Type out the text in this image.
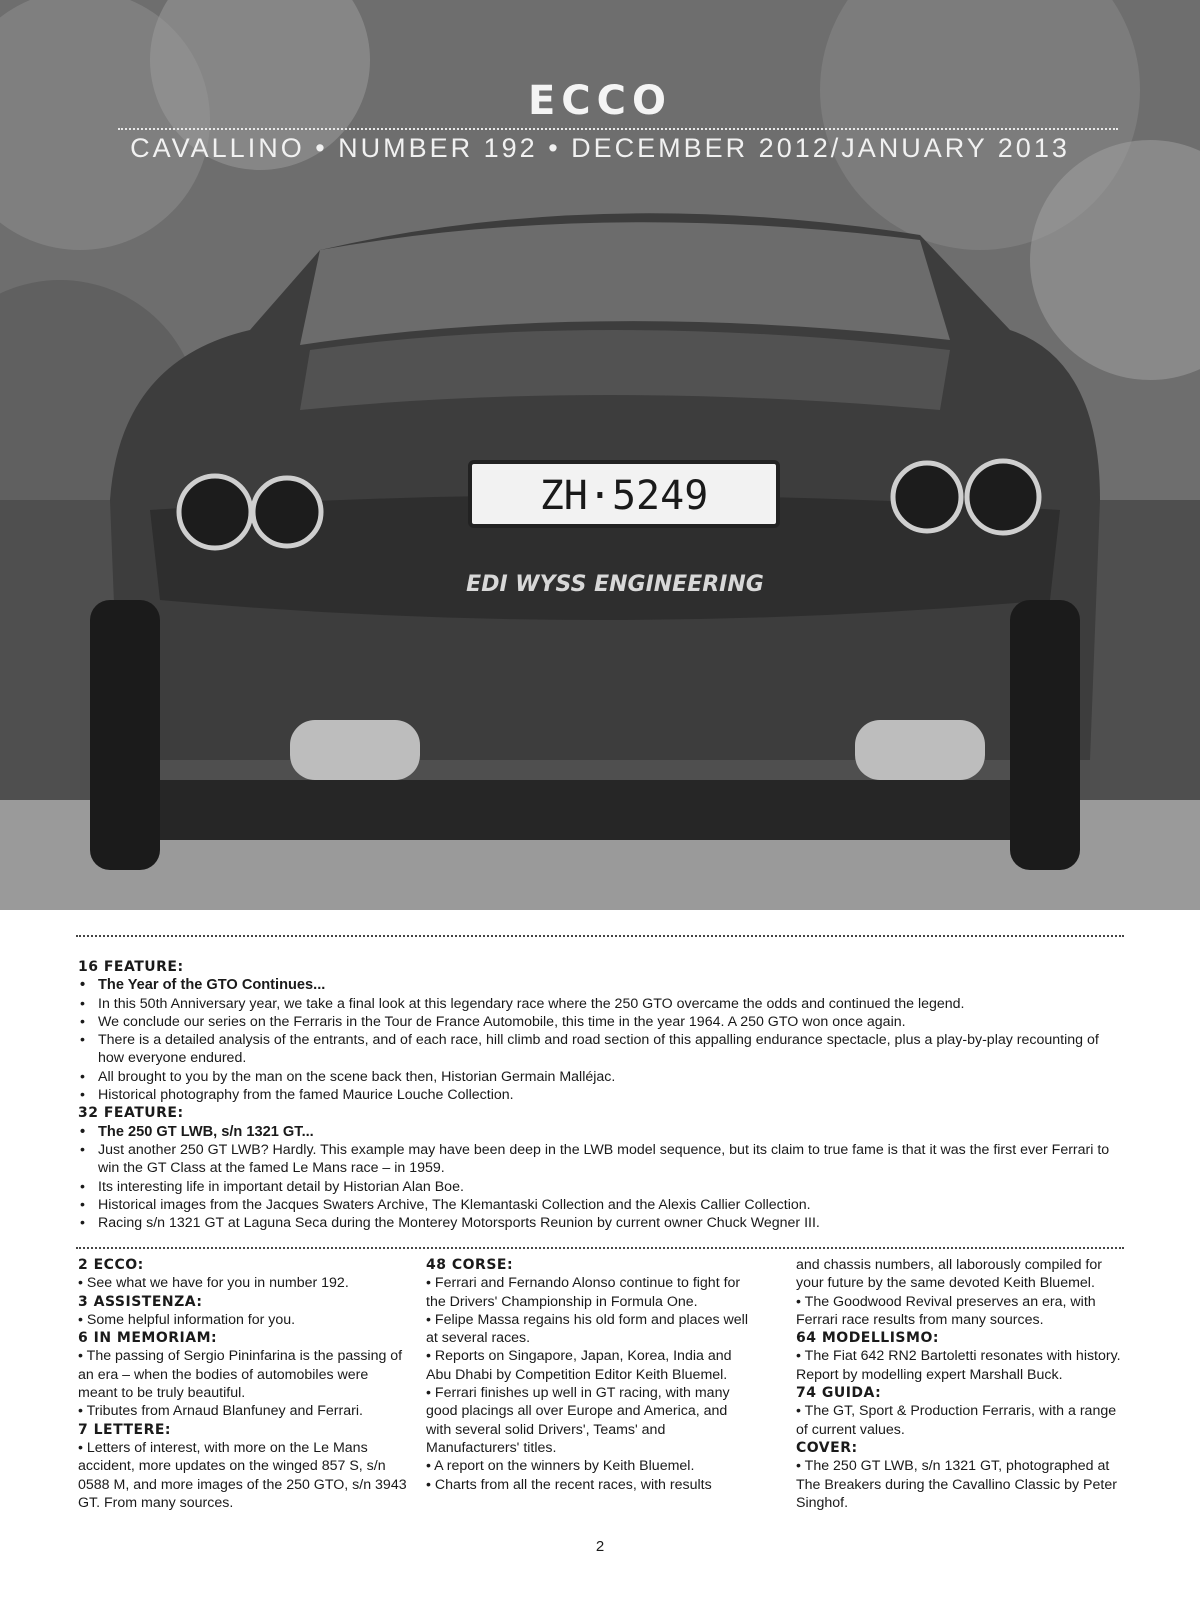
ZH·5249
EDI WYSS ENGINEERING
ECCO
CAVALLINO • NUMBER 192 • DECEMBER 2012/JANUARY 2013
16 FEATURE:
• The Year of the GTO Continues...
• In this 50th Anniversary year, we take a final look at this legendary race where the 250 GTO overcame the odds and continued the legend.
• We conclude our series on the Ferraris in the Tour de France Automobile, this time in the year 1964. A 250 GTO won once again.
• There is a detailed analysis of the entrants, and of each race, hill climb and road section of this appalling endurance spectacle, plus a play-by-play recounting of how everyone endured.
• All brought to you by the man on the scene back then, Historian Germain Malléjac.
• Historical photography from the famed Maurice Louche Collection.
32 FEATURE:
• The 250 GT LWB, s/n 1321 GT...
• Just another 250 GT LWB? Hardly. This example may have been deep in the LWB model sequence, but its claim to true fame is that it was the first ever Ferrari to win the GT Class at the famed Le Mans race – in 1959.
• Its interesting life in important detail by Historian Alan Boe.
• Historical images from the Jacques Swaters Archive, The Klemantaski Collection and the Alexis Callier Collection.
• Racing s/n 1321 GT at Laguna Seca during the Monterey Motorsports Reunion by current owner Chuck Wegner III.
2 ECCO:
• See what we have for you in number 192.
3 ASSISTENZA:
• Some helpful information for you.
6 IN MEMORIAM:
• The passing of Sergio Pininfarina is the passing of an era – when the bodies of automobiles were meant to be truly beautiful.
• Tributes from Arnaud Blanfuney and Ferrari.
7 LETTERE:
• Letters of interest, with more on the Le Mans accident, more updates on the winged 857 S, s/n 0588 M, and more images of the 250 GTO, s/n 3943 GT. From many sources.
48 CORSE:
• Ferrari and Fernando Alonso continue to fight for the Drivers' Championship in Formula One.
• Felipe Massa regains his old form and places well at several races.
• Reports on Singapore, Japan, Korea, India and Abu Dhabi by Competition Editor Keith Bluemel.
• Ferrari finishes up well in GT racing, with many good placings all over Europe and America, and with several solid Drivers', Teams' and Manufacturers' titles.
• A report on the winners by Keith Bluemel.
• Charts from all the recent races, with results
and chassis numbers, all laborously compiled for your future by the same devoted Keith Bluemel.
• The Goodwood Revival preserves an era, with Ferrari race results from many sources.
64 MODELLISMO:
• The Fiat 642 RN2 Bartoletti resonates with history. Report by modelling expert Marshall Buck.
74 GUIDA:
• The GT, Sport & Production Ferraris, with a range of current values.
COVER:
• The 250 GT LWB, s/n 1321 GT, photographed at The Breakers during the Cavallino Classic by Peter Singhof.
2
